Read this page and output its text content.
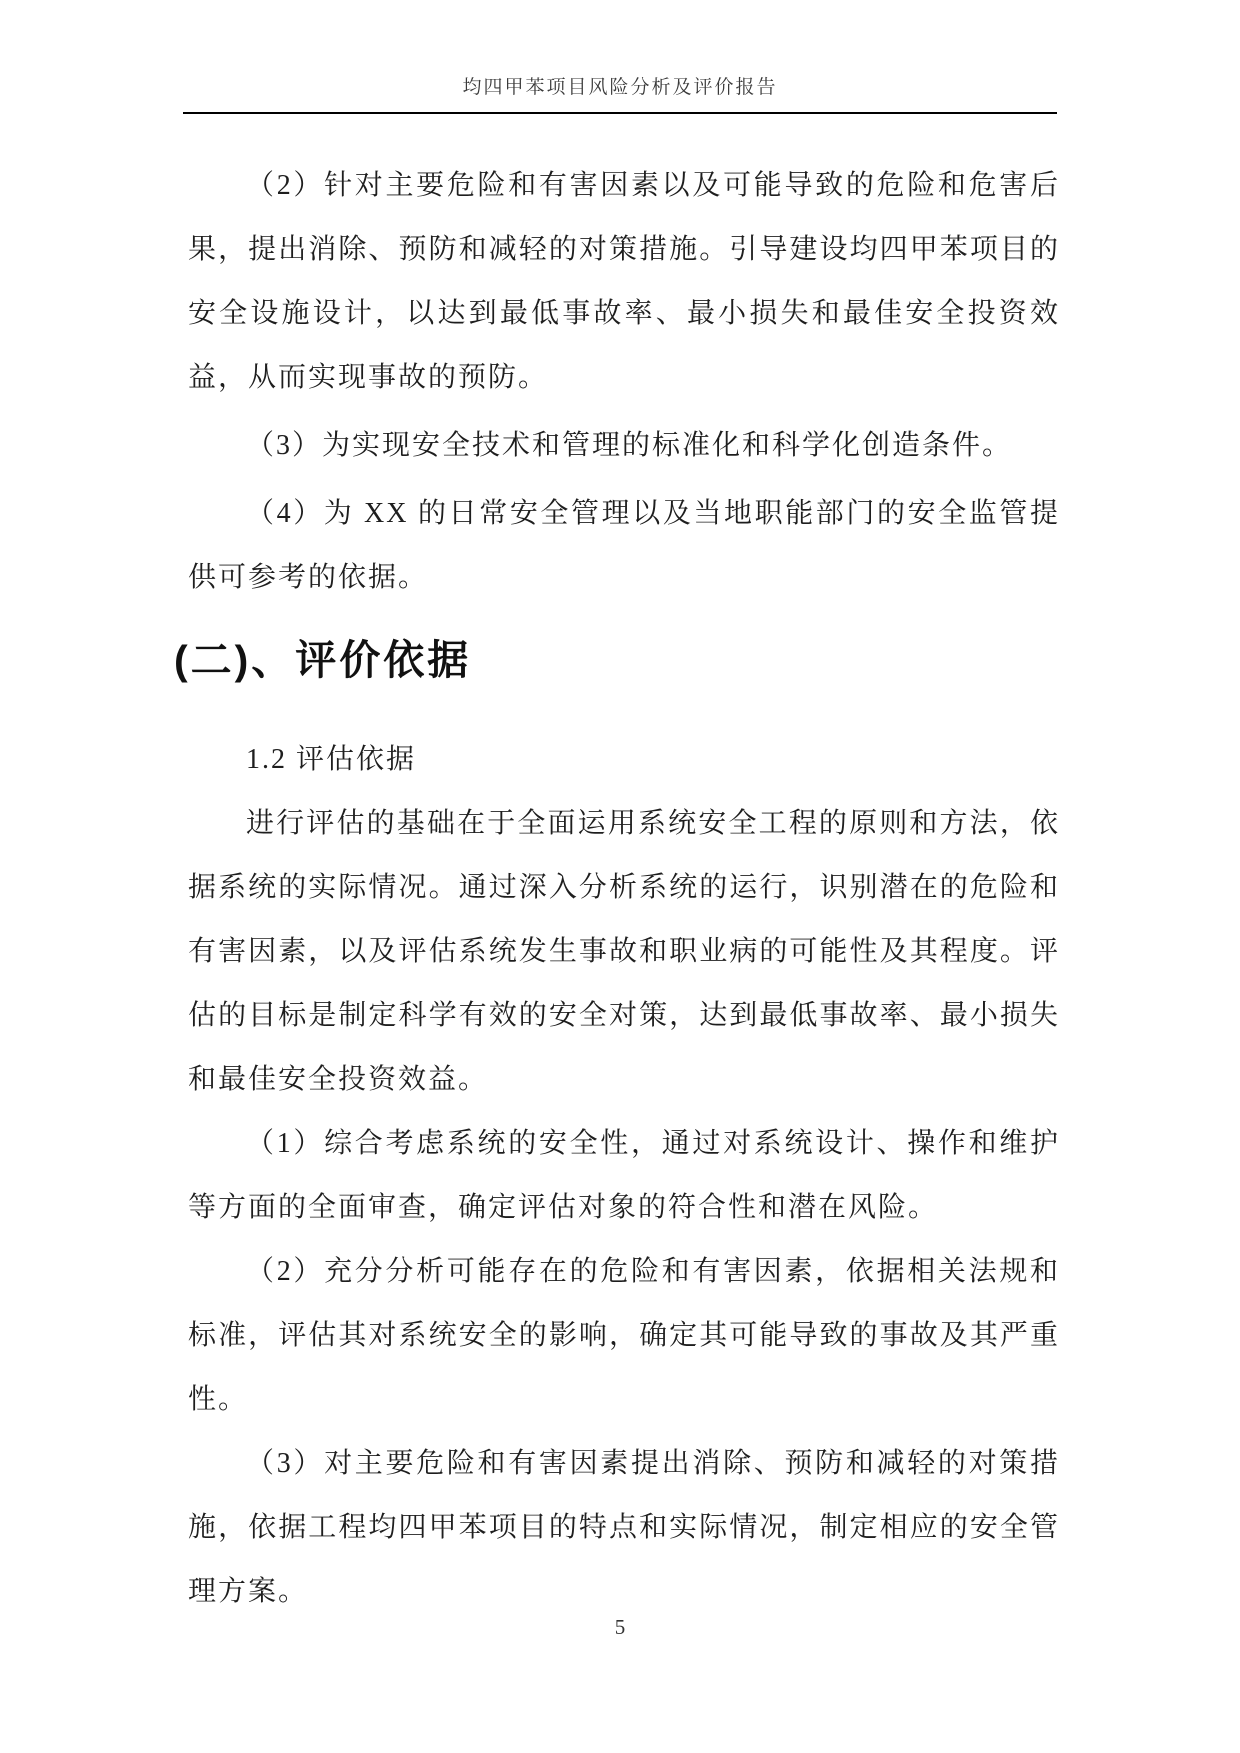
均四甲苯项目风险分析及评价报告

（2）针对主要危险和有害因素以及可能导致的危险和危害后果，提出消除、预防和减轻的对策措施。引导建设均四甲苯项目的安全设施设计，以达到最低事故率、最小损失和最佳安全投资效益，从而实现事故的预防。

（3）为实现安全技术和管理的标准化和科学化创造条件。

（4）为 XX 的日常安全管理以及当地职能部门的安全监管提供可参考的依据。

(二)、评价依据

1.2 评估依据

进行评估的基础在于全面运用系统安全工程的原则和方法，依据系统的实际情况。通过深入分析系统的运行，识别潜在的危险和有害因素，以及评估系统发生事故和职业病的可能性及其程度。评估的目标是制定科学有效的安全对策，达到最低事故率、最小损失和最佳安全投资效益。

（1）综合考虑系统的安全性，通过对系统设计、操作和维护等方面的全面审查，确定评估对象的符合性和潜在风险。

（2）充分分析可能存在的危险和有害因素，依据相关法规和标准，评估其对系统安全的影响，确定其可能导致的事故及其严重性。

（3）对主要危险和有害因素提出消除、预防和减轻的对策措施，依据工程均四甲苯项目的特点和实际情况，制定相应的安全管理方案。

5
